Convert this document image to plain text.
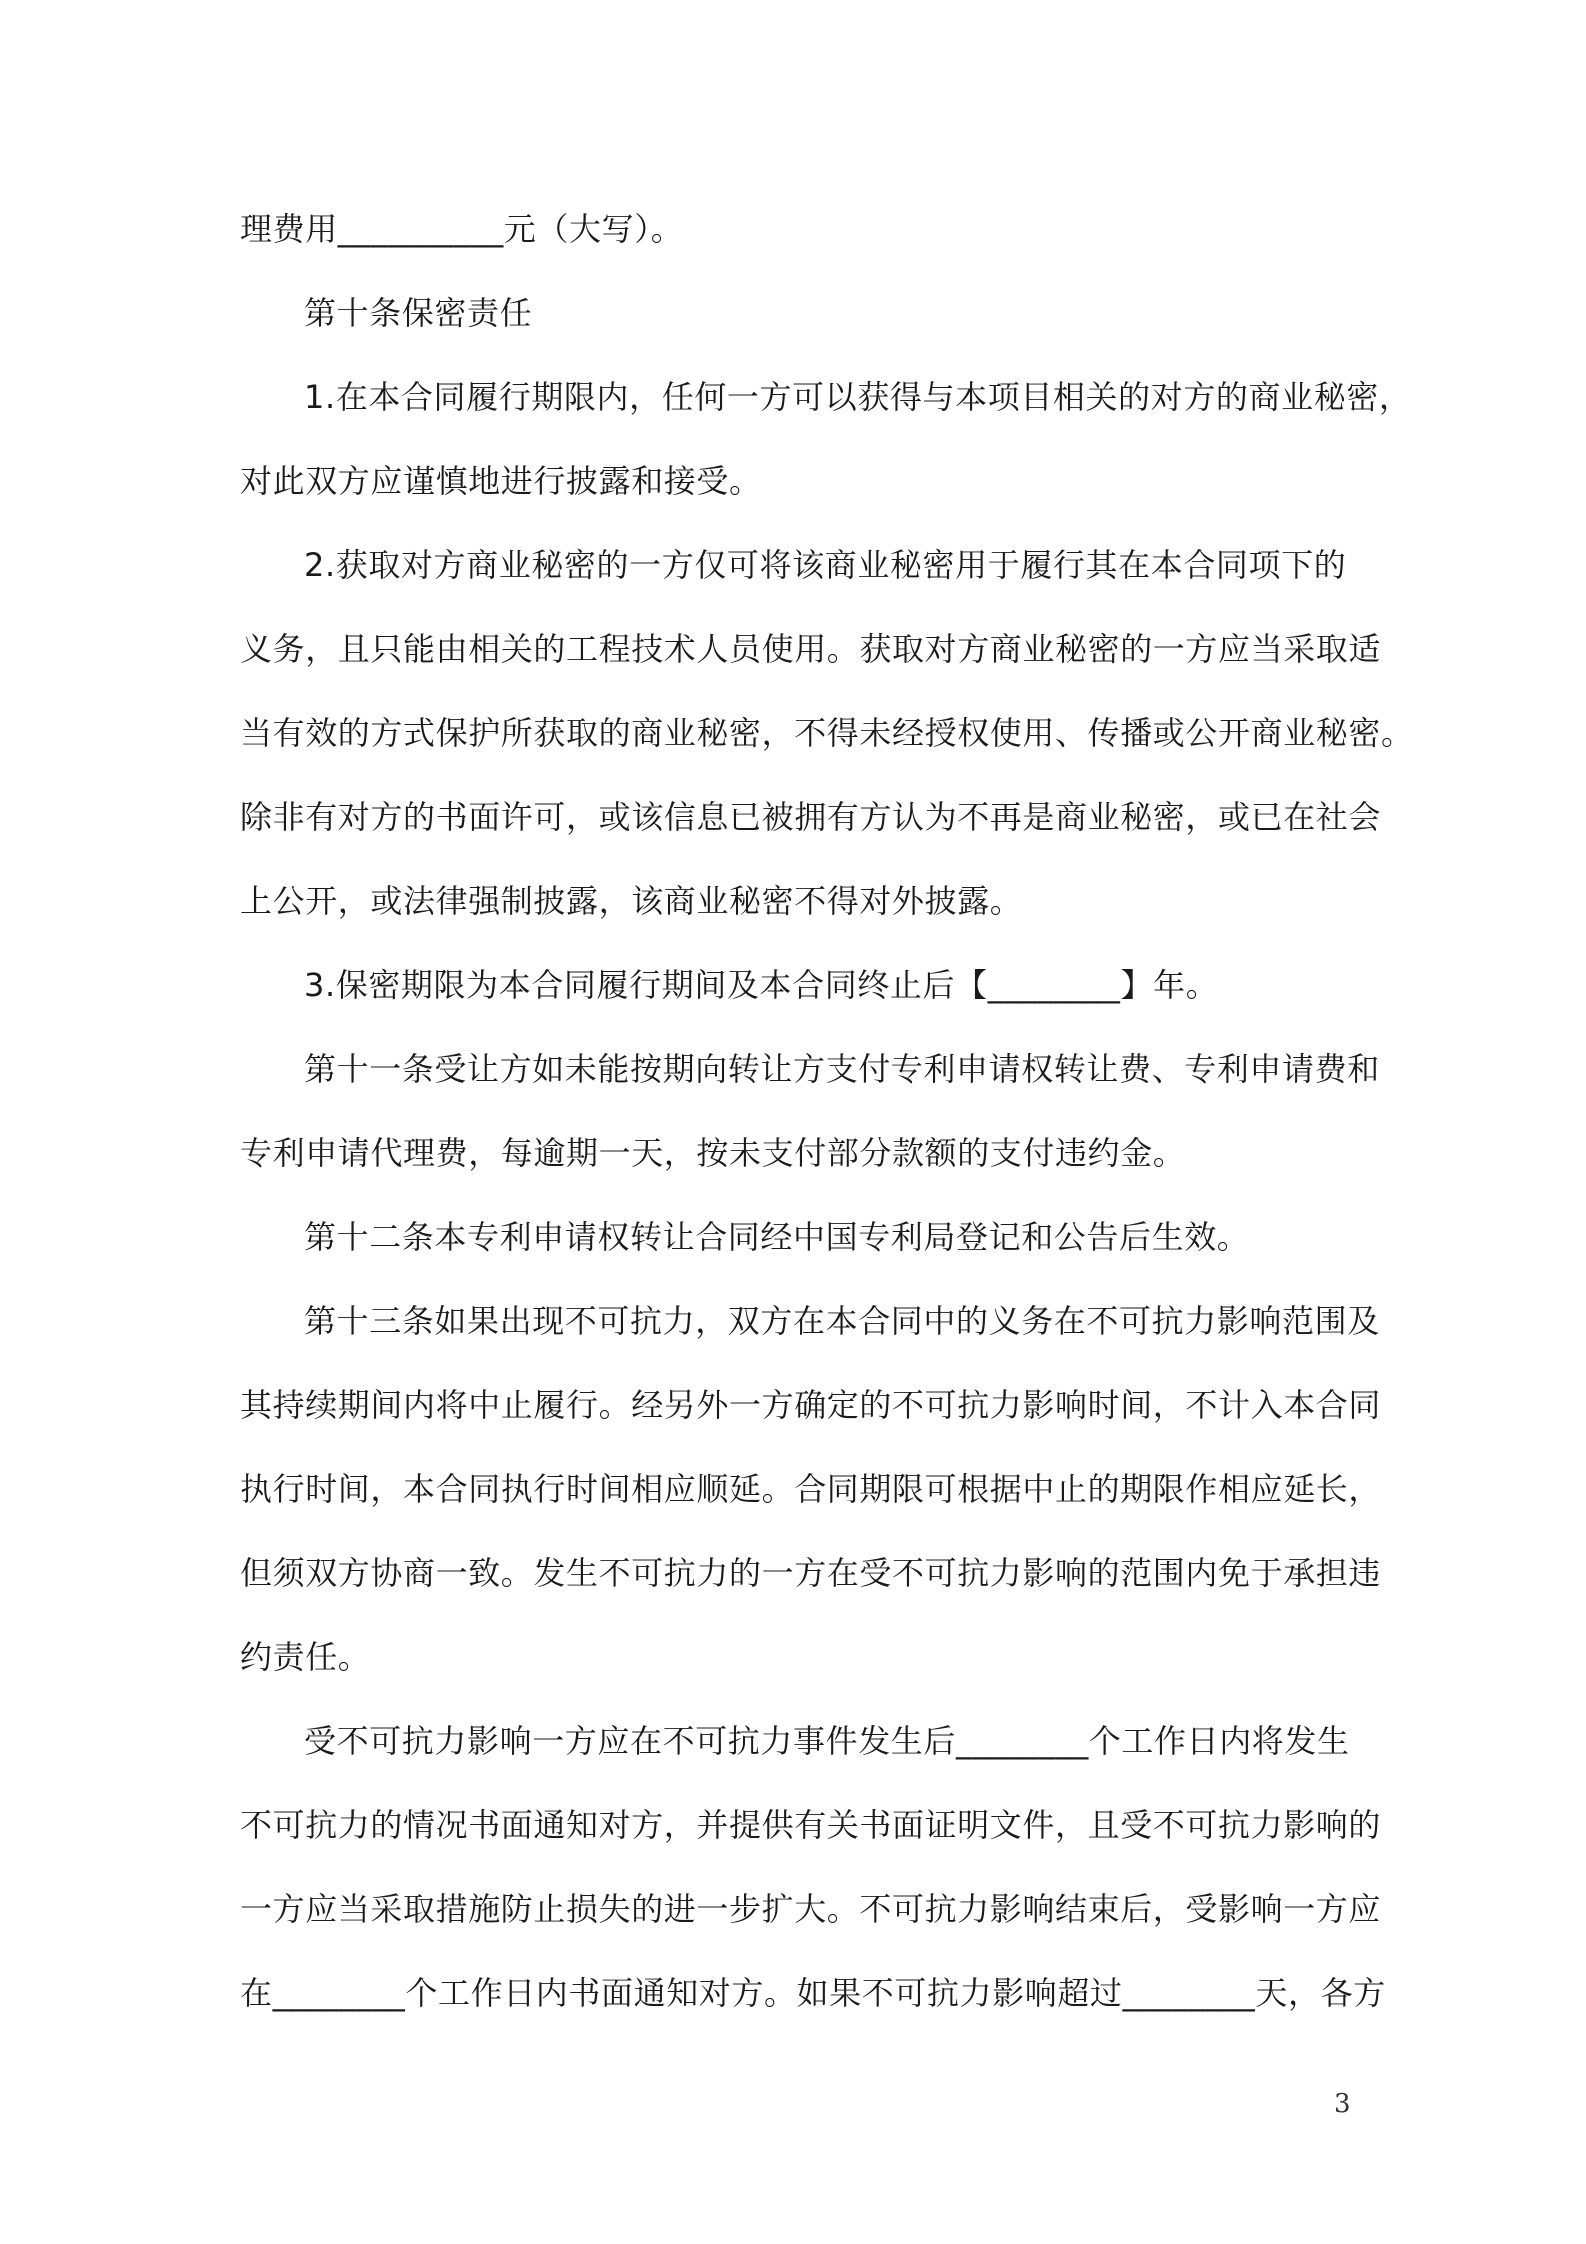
理费用__________元（大写）。
第十条保密责任
1.在本合同履行期限内，任何一方可以获得与本项目相关的对方的商业秘密，
对此双方应谨慎地进行披露和接受。
2.获取对方商业秘密的一方仅可将该商业秘密用于履行其在本合同项下的
义务，且只能由相关的工程技术人员使用。获取对方商业秘密的一方应当采取适
当有效的方式保护所获取的商业秘密，不得未经授权使用、传播或公开商业秘密。
除非有对方的书面许可，或该信息已被拥有方认为不再是商业秘密，或已在社会
上公开，或法律强制披露，该商业秘密不得对外披露。
3.保密期限为本合同履行期间及本合同终止后【________】年。
第十一条受让方如未能按期向转让方支付专利申请权转让费、专利申请费和
专利申请代理费，每逾期一天，按未支付部分款额的支付违约金。
第十二条本专利申请权转让合同经中国专利局登记和公告后生效。
第十三条如果出现不可抗力，双方在本合同中的义务在不可抗力影响范围及
其持续期间内将中止履行。经另外一方确定的不可抗力影响时间，不计入本合同
执行时间，本合同执行时间相应顺延。合同期限可根据中止的期限作相应延长，
但须双方协商一致。发生不可抗力的一方在受不可抗力影响的范围内免于承担违
约责任。
受不可抗力影响一方应在不可抗力事件发生后________个工作日内将发生
不可抗力的情况书面通知对方，并提供有关书面证明文件，且受不可抗力影响的
一方应当采取措施防止损失的进一步扩大。不可抗力影响结束后，受影响一方应
在________个工作日内书面通知对方。如果不可抗力影响超过________天，各方
3
